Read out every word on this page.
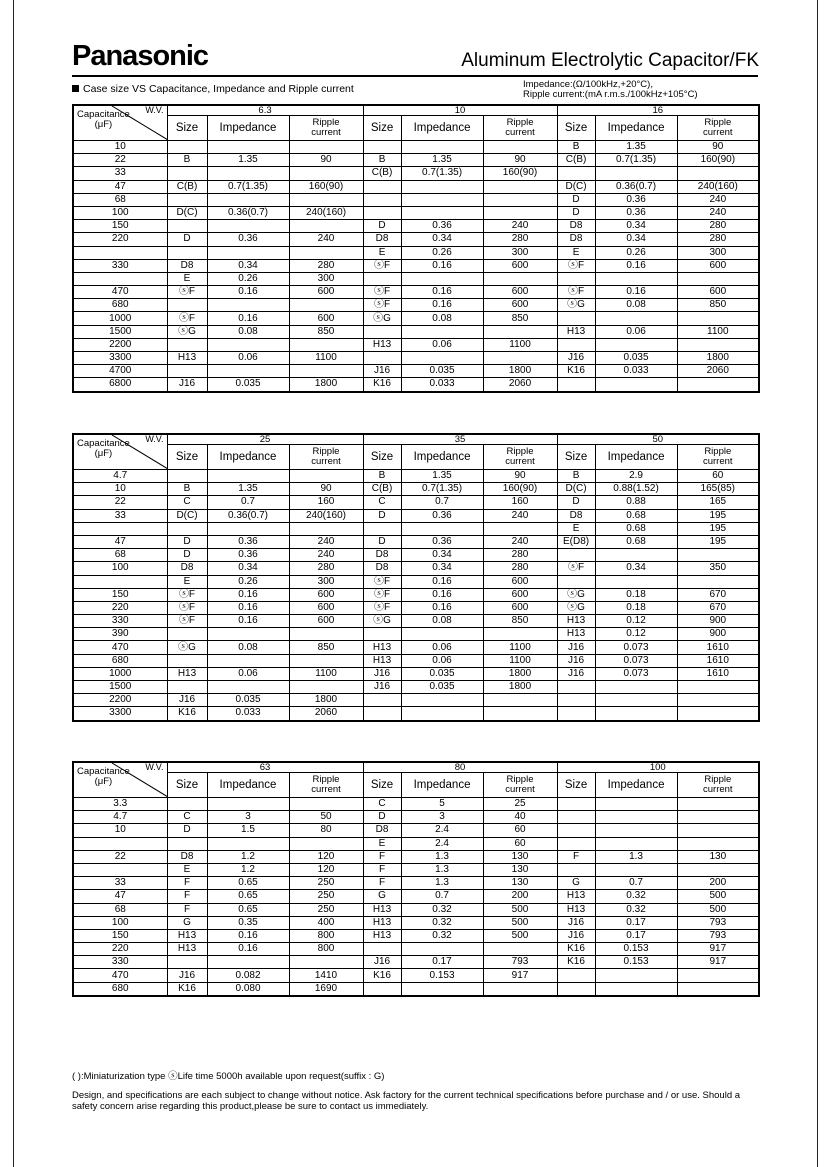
Panasonic	Aluminum Electrolytic Capacitor/FK
Case size VS Capacitance, Impedance and Ripple current	Impedance:(Ω/100kHz,+20°C),
Ripple current:(mA r.m.s./100kHz+105°C)
W.V.
Capacitance
(μF)	6.3			10			16		
	Size	Impedance	Ripple
current	Size	Impedance	Ripple
current	Size	Impedance	Ripple
current
10							B	1.35	90
22	B	1.35	90	B	1.35	90	C(B)	0.7(1.35)	160(90)
33				C(B)	0.7(1.35)	160(90)			
47	C(B)	0.7(1.35)	160(90)				D(C)	0.36(0.7)	240(160)
68							D	0.36	240
100	D(C)	0.36(0.7)	240(160)				D	0.36	240
150				D	0.36	240	D8	0.34	280
220	D	0.36	240	D8	0.34	280	D8	0.34	280
				E	0.26	300	E	0.26	300
330	D8	0.34	280	ⓢF	0.16	600	ⓢF	0.16	600
	E	0.26	300						
470	ⓢF	0.16	600	ⓢF	0.16	600	ⓢF	0.16	600
680				ⓢF	0.16	600	ⓢG	0.08	850
1000	ⓢF	0.16	600	ⓢG	0.08	850			
1500	ⓢG	0.08	850				H13	0.06	1100
2200				H13	0.06	1100			
3300	H13	0.06	1100				J16	0.035	1800
4700				J16	0.035	1800	K16	0.033	2060
6800	J16	0.035	1800	K16	0.033	2060			
W.V.
Capacitance
(μF)	25			35			50		
	Size	Impedance	Ripple
current	Size	Impedance	Ripple
current	Size	Impedance	Ripple
current
4.7				B	1.35	90	B	2.9	60
10	B	1.35	90	C(B)	0.7(1.35)	160(90)	D(C)	0.88(1.52)	165(85)
22	C	0.7	160	C	0.7	160	D	0.88	165
33	D(C)	0.36(0.7)	240(160)	D	0.36	240	D8	0.68	195
							E	0.68	195
47	D	0.36	240	D	0.36	240	E(D8)	0.68	195
68	D	0.36	240	D8	0.34	280			
100	D8	0.34	280	D8	0.34	280	ⓢF	0.34	350
	E	0.26	300	ⓢF	0.16	600			
150	ⓢF	0.16	600	ⓢF	0.16	600	ⓢG	0.18	670
220	ⓢF	0.16	600	ⓢF	0.16	600	ⓢG	0.18	670
330	ⓢF	0.16	600	ⓢG	0.08	850	H13	0.12	900
390							H13	0.12	900
470	ⓢG	0.08	850	H13	0.06	1100	J16	0.073	1610
680				H13	0.06	1100	J16	0.073	1610
1000	H13	0.06	1100	J16	0.035	1800	J16	0.073	1610
1500				J16	0.035	1800			
2200	J16	0.035	1800						
3300	K16	0.033	2060						
W.V.
Capacitance
(μF)	63			80			100		
	Size	Impedance	Ripple
current	Size	Impedance	Ripple
current	Size	Impedance	Ripple
current
3.3				C	5	25			
4.7	C	3	50	D	3	40			
10	D	1.5	80	D8	2.4	60			
				E	2.4	60			
22	D8	1.2	120	F	1.3	130	F	1.3	130
	E	1.2	120	F	1.3	130			
33	F	0.65	250	F	1.3	130	G	0.7	200
47	F	0.65	250	G	0.7	200	H13	0.32	500
68	F	0.65	250	H13	0.32	500	H13	0.32	500
100	G	0.35	400	H13	0.32	500	J16	0.17	793
150	H13	0.16	800	H13	0.32	500	J16	0.17	793
220	H13	0.16	800				K16	0.153	917
330				J16	0.17	793	K16	0.153	917
470	J16	0.082	1410	K16	0.153	917			
680	K16	0.080	1690						
( ):Miniaturization type ⓢLife time 5000h available upon request(suffix : G)
Design, and specifications are each subject to change without notice. Ask factory for the current technical specifications before purchase and / or use. Should a safety concern arise regarding this product,please be sure to contact us immediately.
